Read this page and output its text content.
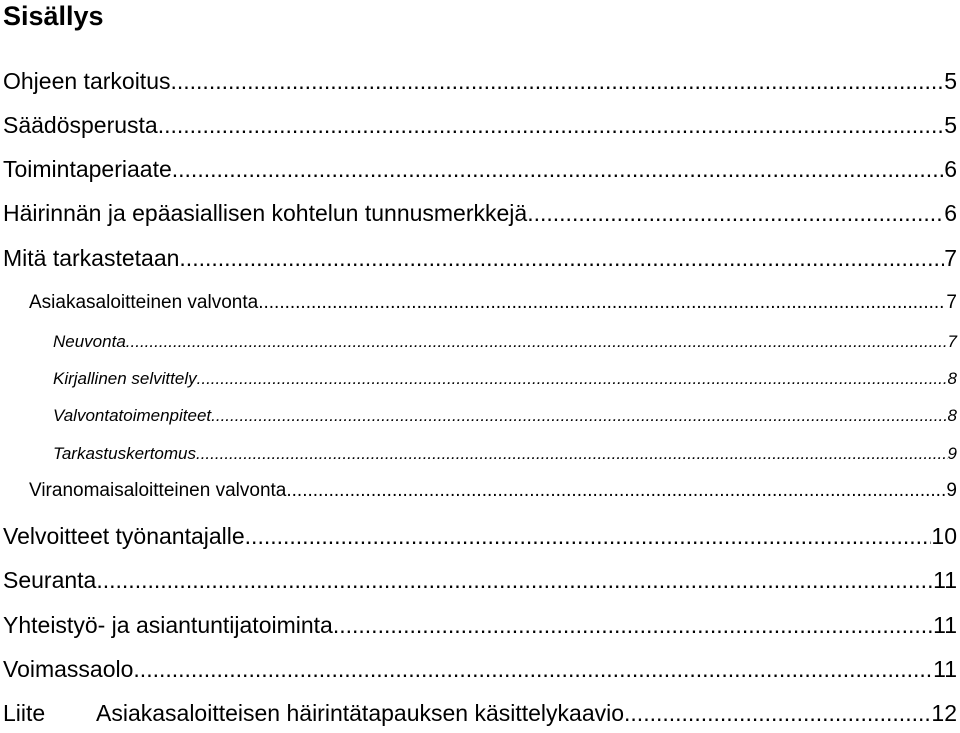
Sisällys
Ohjeen tarkoitus .....	5
Säädösperusta .....	5
Toimintaperiaate .....	6
Häirinnän ja epäasiallisen kohtelun tunnusmerkkejä .....	6
Mitä tarkastetaan .....	7
Asiakasaloitteinen valvonta .....	7
Neuvonta .....	7
Kirjallinen selvittely .....	8
Valvontatoimenpiteet .....	8
Tarkastuskertomus .....	9
Viranomaisaloitteinen valvonta .....	9
Velvoitteet työnantajalle .....	10
Seuranta .....	11
Yhteistyö- ja asiantuntijatoiminta .....	11
Voimassaolo .....	11
Liite	Asiakasaloitteisen häirintätapauksen käsittelykaavio .....	12
